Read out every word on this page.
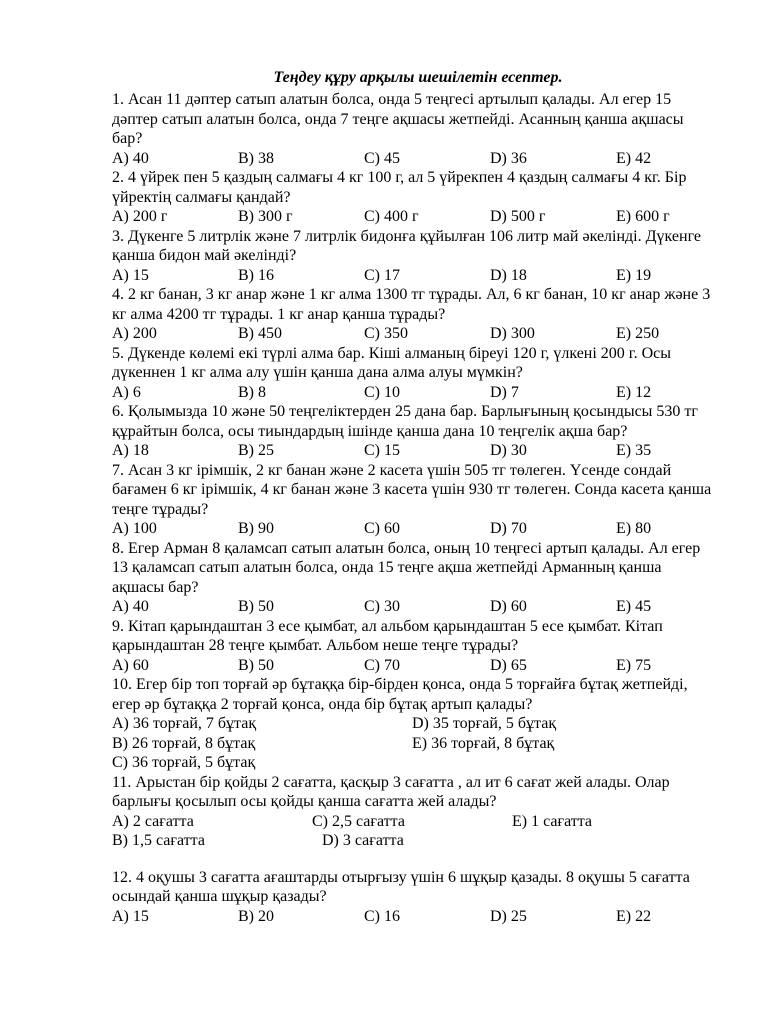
Теңдеу құру арқылы шешілетін есептер.

1. Асан 11 дәптер сатып алатын болса, онда 5 теңгесі артылып қалады. Ал егер 15 дәптер сатып алатын болса, онда 7 теңге ақшасы жетпейді. Асанның қанша ақшасы бар?

A) 40	B) 38	C) 45	D) 36	E) 42

2. 4 үйрек пен 5 қаздың салмағы 4 кг 100 г, ал 5 үйрекпен 4 қаздың салмағы 4 кг. Бір үйректің салмағы қандай?

A) 200 г	B) 300 г	C) 400 г	D) 500 г	E) 600 г

3. Дүкенге 5 литрлік және 7 литрлік бидонға құйылған 106 литр май әкелінді. Дүкенге қанша бидон май әкелінді?

A) 15	B) 16	C) 17	D) 18	E) 19

4. 2 кг банан, 3 кг анар және 1 кг алма 1300 тг тұрады. Ал, 6 кг банан, 10 кг анар және 3 кг алма 4200 тг тұрады. 1 кг анар қанша тұрады?

A) 200	B) 450	C) 350	D) 300	E) 250

5. Дүкенде көлемі екі түрлі алма бар. Кіші алманың біреуі 120 г, үлкені 200 г. Осы дүкеннен 1 кг алма алу үшін қанша дана алма алуы мүмкін?

A) 6	B) 8	C) 10	D) 7	E) 12

6. Қолымызда 10 және 50 теңгеліктерден 25 дана бар. Барлығының қосындысы 530 тг құрайтын болса, осы тиындардың ішінде қанша дана 10 теңгелік ақша бар?

A) 18	B) 25	C) 15	D) 30	E) 35

7. Асан 3 кг ірімшік, 2 кг банан және 2 касета үшін 505 тг төлеген. Үсенде сондай бағамен 6 кг ірімшік, 4 кг банан және 3 касета үшін 930 тг төлеген. Сонда касета қанша теңге тұрады?

A) 100	B) 90	C) 60	D) 70	E) 80

8. Егер Арман 8 қаламсап сатып алатын болса, оның 10 теңгесі артып қалады. Ал егер 13 қаламсап сатып алатын болса, онда 15 теңге ақша жетпейді Арманның қанша ақшасы бар?

A) 40	B) 50	C) 30	D) 60	E) 45

9. Кітап қарындаштан 3 есе қымбат, ал альбом қарындаштан 5 есе қымбат. Кітап қарындаштан 28 теңге қымбат. Альбом неше теңге тұрады?

A) 60	B) 50	C) 70	D) 65	E) 75

10. Егер бір топ торғай әр бұтаққа бір-бірден қонса, онда 5 торғайға бұтақ жетпейді, егер әр бұтаққа 2 торғай қонса, онда бір бұтақ артып қалады?

A) 36 торғай, 7 бұтақ	D) 35 торғай, 5 бұтақ
B) 26 торғай, 8 бұтақ	E) 36 торғай, 8 бұтақ
C) 36 торғай, 5 бұтақ

11. Арыстан бір қойды 2 сағатта, қасқыр 3 сағатта , ал ит 6 сағат жей алады. Олар барлығы қосылып осы қойды қанша сағатта жей алады?

A) 2 сағатта	C) 2,5 сағатта	E) 1 сағатта
B) 1,5 сағатта	D) 3 сағатта

12. 4 оқушы 3 сағатта ағаштарды отырғызу үшін 6 шұқыр қазады. 8 оқушы 5 сағатта осындай қанша шұқыр қазады?

A) 15	B) 20	C) 16	D) 25	E) 22
